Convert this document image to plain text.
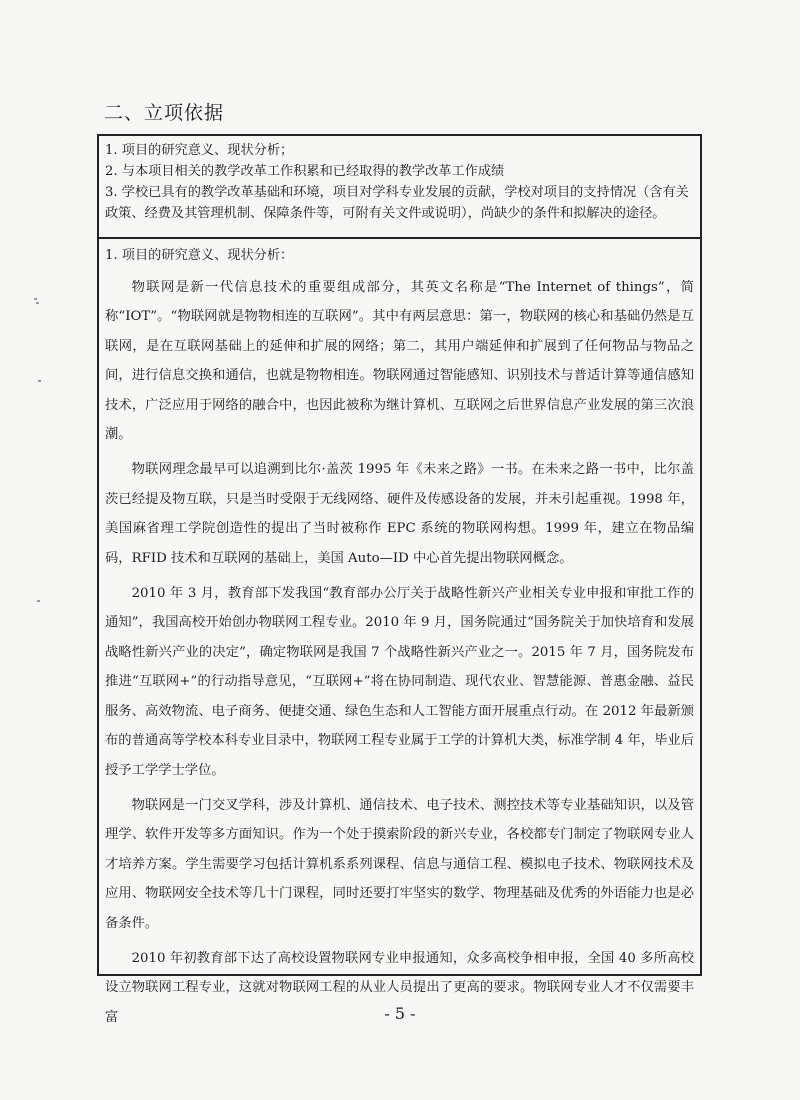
二、立项依据

1. 项目的研究意义、现状分析；

2. 与本项目相关的教学改革工作积累和已经取得的教学改革工作成绩

3. 学校已具有的教学改革基础和环境，项目对学科专业发展的贡献，学校对项目的支持情况（含有关政策、经费及其管理机制、保障条件等，可附有关文件或说明），尚缺少的条件和拟解决的途径。

1. 项目的研究意义、现状分析：

物联网是新一代信息技术的重要组成部分，其英文名称是“The Internet of things”，简称“IOT”。“物联网就是物物相连的互联网”。其中有两层意思：第一，物联网的核心和基础仍然是互联网，是在互联网基础上的延伸和扩展的网络；第二，其用户端延伸和扩展到了任何物品与物品之间，进行信息交换和通信，也就是物物相连。物联网通过智能感知、识别技术与普适计算等通信感知技术，广泛应用于网络的融合中，也因此被称为继计算机、互联网之后世界信息产业发展的第三次浪潮。

物联网理念最早可以追溯到比尔·盖茨 1995 年《未来之路》一书。在未来之路一书中，比尔盖茨已经提及物互联，只是当时受限于无线网络、硬件及传感设备的发展，并未引起重视。1998 年，美国麻省理工学院创造性的提出了当时被称作 EPC 系统的物联网构想。1999 年，建立在物品编码，RFID 技术和互联网的基础上，美国 Auto—ID 中心首先提出物联网概念。

2010 年 3 月，教育部下发我国“教育部办公厅关于战略性新兴产业相关专业申报和审批工作的通知”，我国高校开始创办物联网工程专业。2010 年 9 月，国务院通过“国务院关于加快培育和发展战略性新兴产业的决定”，确定物联网是我国 7 个战略性新兴产业之一。2015 年 7 月，国务院发布推进“互联网+”的行动指导意见，“互联网+”将在协同制造、现代农业、智慧能源、普惠金融、益民服务、高效物流、电子商务、便捷交通、绿色生态和人工智能方面开展重点行动。在 2012 年最新颁布的普通高等学校本科专业目录中，物联网工程专业属于工学的计算机大类，标准学制 4 年，毕业后授予工学学士学位。

物联网是一门交叉学科，涉及计算机、通信技术、电子技术、测控技术等专业基础知识，以及管理学、软件开发等多方面知识。作为一个处于摸索阶段的新兴专业，各校都专门制定了物联网专业人才培养方案。学生需要学习包括计算机系系列课程、信息与通信工程、模拟电子技术、物联网技术及应用、物联网安全技术等几十门课程，同时还要打牢坚实的数学、物理基础及优秀的外语能力也是必备条件。

2010 年初教育部下达了高校设置物联网专业申报通知，众多高校争相申报，全国 40 多所高校设立物联网工程专业，这就对物联网工程的从业人员提出了更高的要求。物联网专业人才不仅需要丰富	- 5 -
